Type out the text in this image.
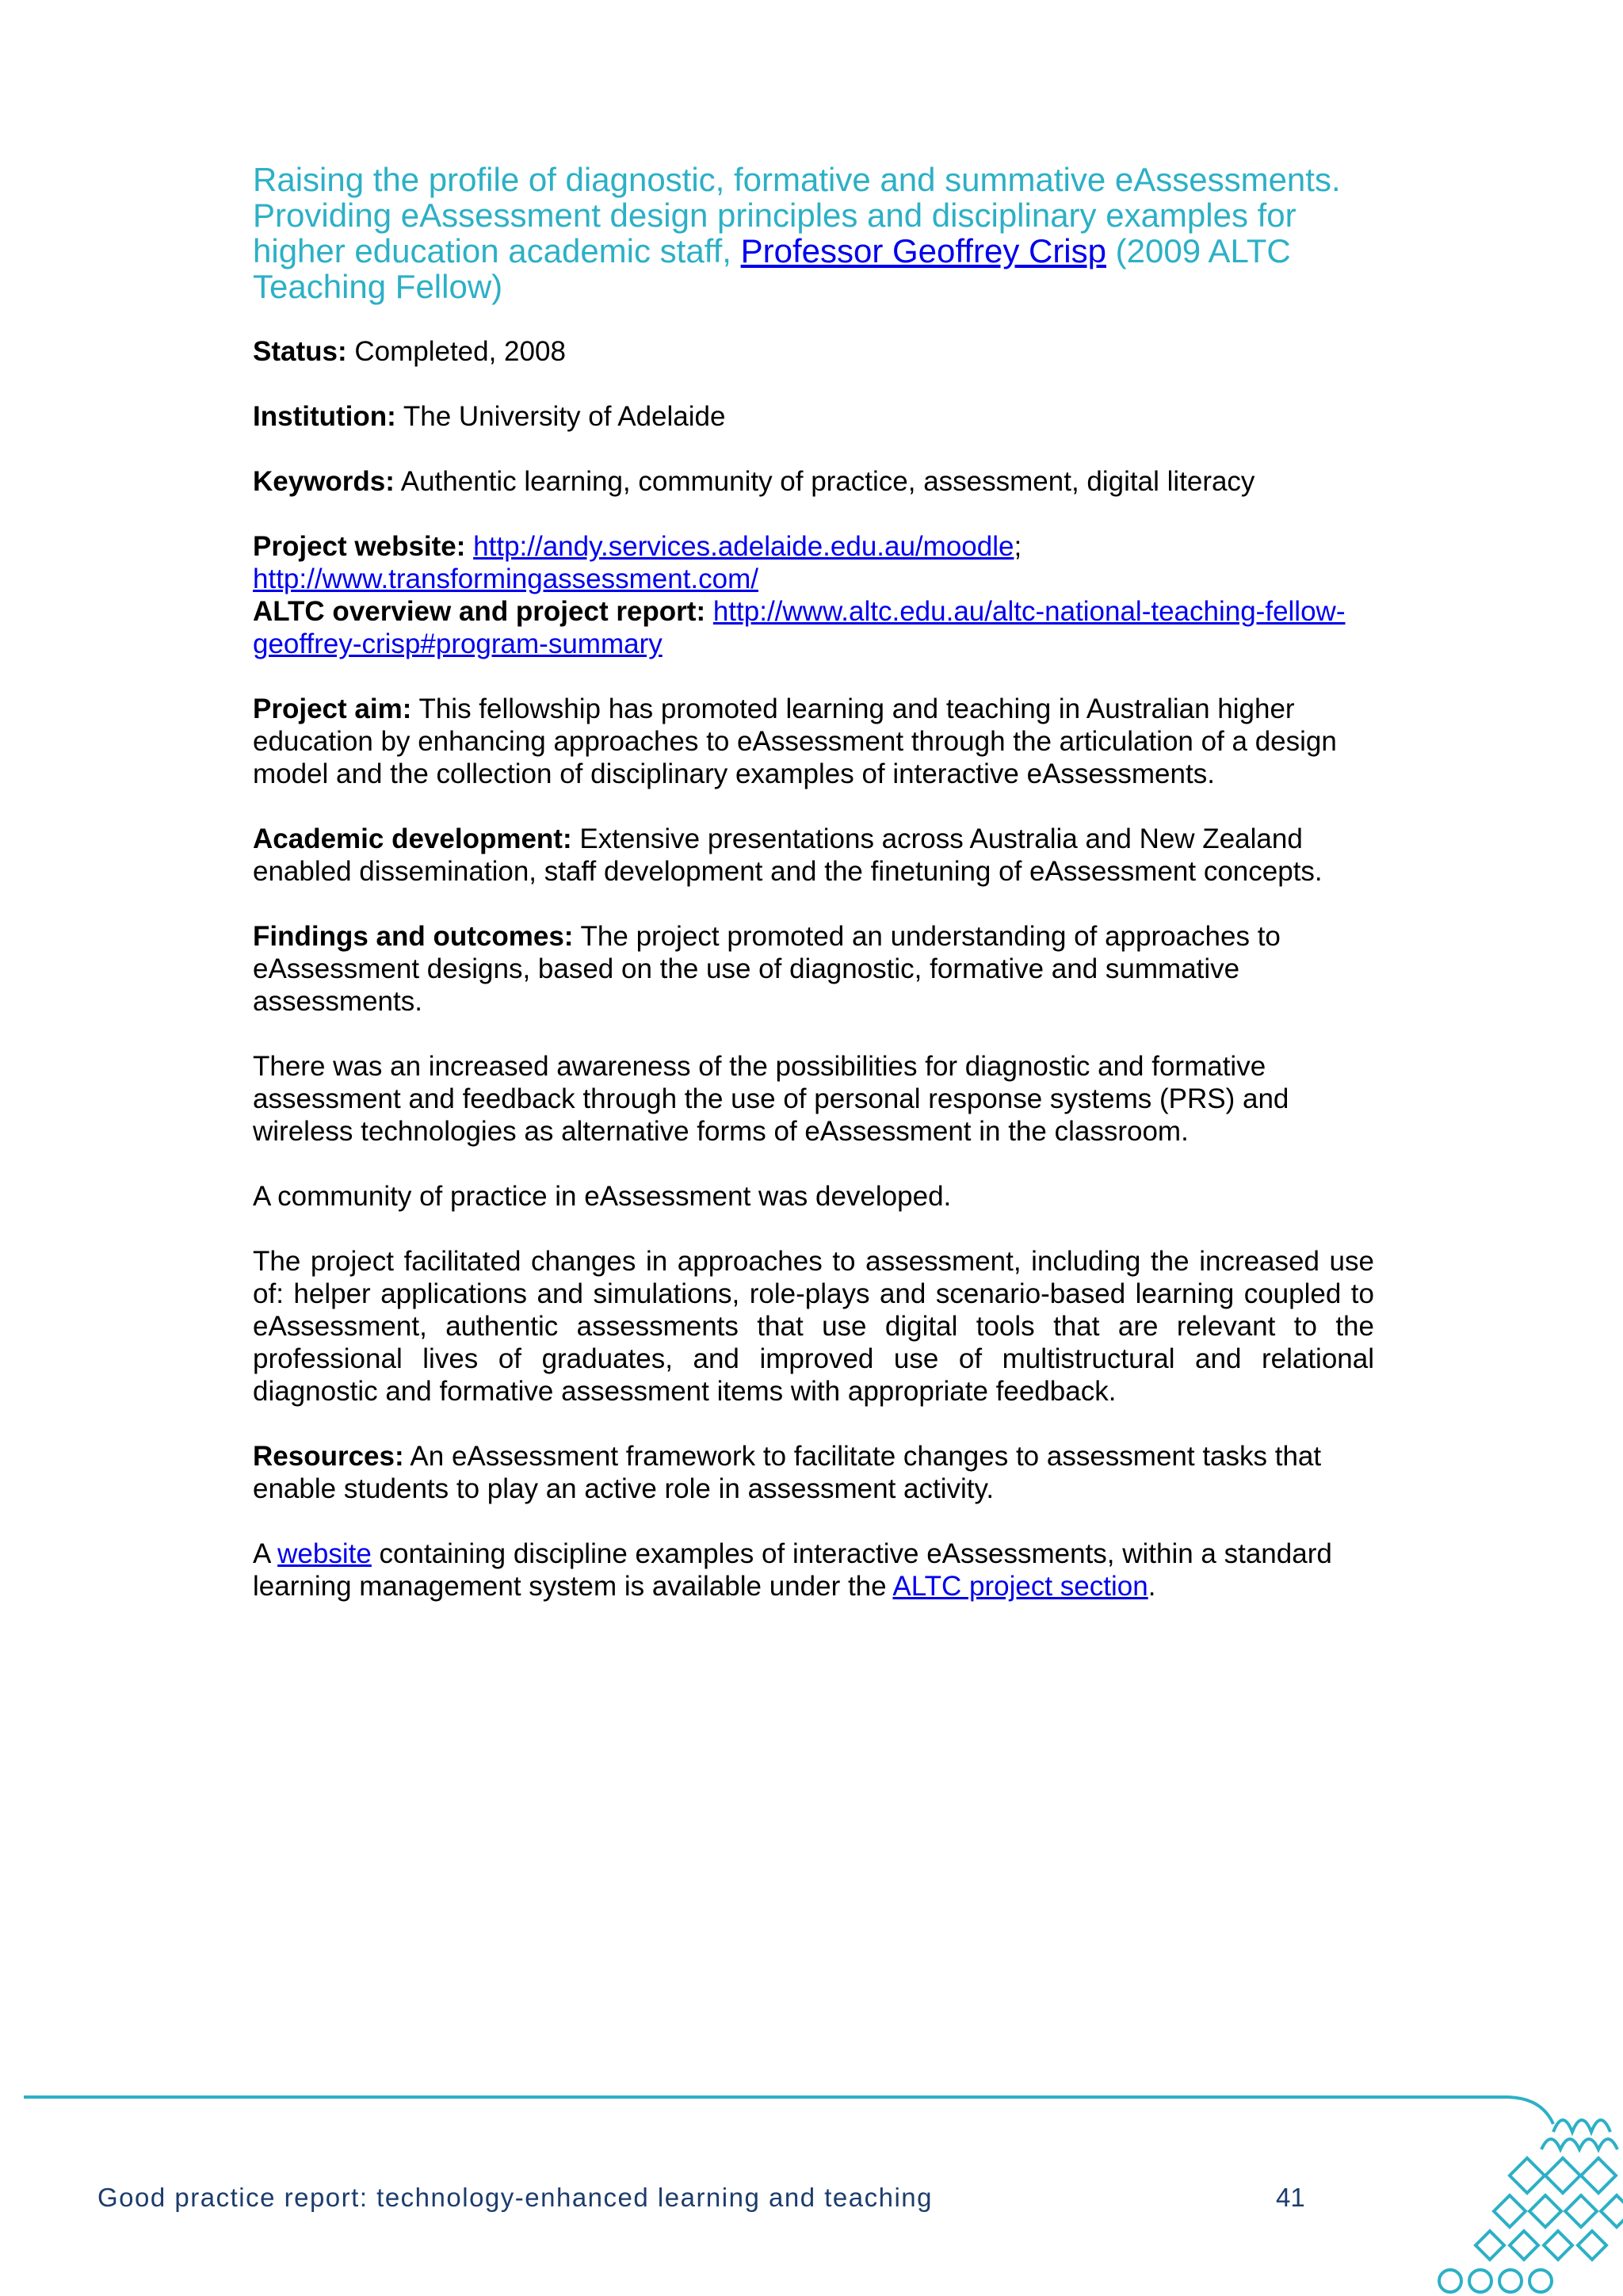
Raising the profile of diagnostic, formative and summative eAssessments. Providing eAssessment design principles and disciplinary examples for higher education academic staff, Professor Geoffrey Crisp (2009 ALTC Teaching Fellow)

Status: Completed, 2008

Institution: The University of Adelaide

Keywords: Authentic learning, community of practice, assessment, digital literacy

Project website: http://andy.services.adelaide.edu.au/moodle;
http://www.transformingassessment.com/

ALTC overview and project report: http://www.altc.edu.au/altc-national-teaching-fellow-geoffrey-crisp#program-summary

Project aim: This fellowship has promoted learning and teaching in Australian higher education by enhancing approaches to eAssessment through the articulation of a design model and the collection of disciplinary examples of interactive eAssessments.

Academic development: Extensive presentations across Australia and New Zealand enabled dissemination, staff development and the finetuning of eAssessment concepts.

Findings and outcomes: The project promoted an understanding of approaches to eAssessment designs, based on the use of diagnostic, formative and summative assessments.

There was an increased awareness of the possibilities for diagnostic and formative assessment and feedback through the use of personal response systems (PRS) and wireless technologies as alternative forms of eAssessment in the classroom.

A community of practice in eAssessment was developed.

The project facilitated changes in approaches to assessment, including the increased use of: helper applications and simulations, role-plays and scenario-based learning coupled to eAssessment, authentic assessments that use digital tools that are relevant to the professional lives of graduates, and improved use of multistructural and relational diagnostic and formative assessment items with appropriate feedback.

Resources: An eAssessment framework to facilitate changes to assessment tasks that enable students to play an active role in assessment activity.

A website containing discipline examples of interactive eAssessments, within a standard learning management system is available under the ALTC project section.

Good practice report: technology-enhanced learning and teaching	41
